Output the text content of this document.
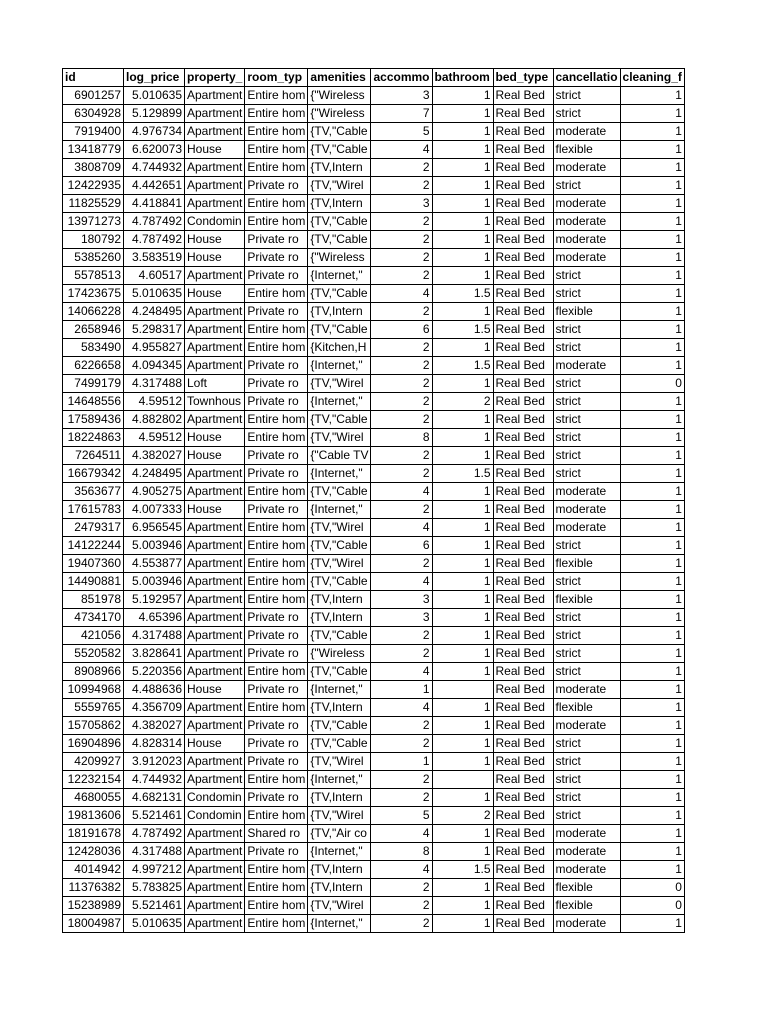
id	log_price	property_	room_typ	amenities	accommo	bathroom	bed_type	cancellatio	cleaning_f
6901257	5.010635	Apartment	Entire hom	{"Wireless	3	1	Real Bed	strict	1
6304928	5.129899	Apartment	Entire hom	{"Wireless	7	1	Real Bed	strict	1
7919400	4.976734	Apartment	Entire hom	{TV,"Cable	5	1	Real Bed	moderate	1
13418779	6.620073	House	Entire hom	{TV,"Cable	4	1	Real Bed	flexible	1
3808709	4.744932	Apartment	Entire hom	{TV,Intern	2	1	Real Bed	moderate	1
12422935	4.442651	Apartment	Private ro	{TV,"Wirel	2	1	Real Bed	strict	1
11825529	4.418841	Apartment	Entire hom	{TV,Intern	3	1	Real Bed	moderate	1
13971273	4.787492	Condomin	Entire hom	{TV,"Cable	2	1	Real Bed	moderate	1
180792	4.787492	House	Private ro	{TV,"Cable	2	1	Real Bed	moderate	1
5385260	3.583519	House	Private ro	{"Wireless	2	1	Real Bed	moderate	1
5578513	4.60517	Apartment	Private ro	{Internet,"	2	1	Real Bed	strict	1
17423675	5.010635	House	Entire hom	{TV,"Cable	4	1.5	Real Bed	strict	1
14066228	4.248495	Apartment	Private ro	{TV,Intern	2	1	Real Bed	flexible	1
2658946	5.298317	Apartment	Entire hom	{TV,"Cable	6	1.5	Real Bed	strict	1
583490	4.955827	Apartment	Entire hom	{Kitchen,H	2	1	Real Bed	strict	1
6226658	4.094345	Apartment	Private ro	{Internet,"	2	1.5	Real Bed	moderate	1
7499179	4.317488	Loft	Private ro	{TV,"Wirel	2	1	Real Bed	strict	0
14648556	4.59512	Townhous	Private ro	{Internet,"	2	2	Real Bed	strict	1
17589436	4.882802	Apartment	Entire hom	{TV,"Cable	2	1	Real Bed	strict	1
18224863	4.59512	House	Entire hom	{TV,"Wirel	8	1	Real Bed	strict	1
7264511	4.382027	House	Private ro	{"Cable TV	2	1	Real Bed	strict	1
16679342	4.248495	Apartment	Private ro	{Internet,"	2	1.5	Real Bed	strict	1
3563677	4.905275	Apartment	Entire hom	{TV,"Cable	4	1	Real Bed	moderate	1
17615783	4.007333	House	Private ro	{Internet,"	2	1	Real Bed	moderate	1
2479317	6.956545	Apartment	Entire hom	{TV,"Wirel	4	1	Real Bed	moderate	1
14122244	5.003946	Apartment	Entire hom	{TV,"Cable	6	1	Real Bed	strict	1
19407360	4.553877	Apartment	Entire hom	{TV,"Wirel	2	1	Real Bed	flexible	1
14490881	5.003946	Apartment	Entire hom	{TV,"Cable	4	1	Real Bed	strict	1
851978	5.192957	Apartment	Entire hom	{TV,Intern	3	1	Real Bed	flexible	1
4734170	4.65396	Apartment	Private ro	{TV,Intern	3	1	Real Bed	strict	1
421056	4.317488	Apartment	Private ro	{TV,"Cable	2	1	Real Bed	strict	1
5520582	3.828641	Apartment	Private ro	{"Wireless	2	1	Real Bed	strict	1
8908966	5.220356	Apartment	Entire hom	{TV,"Cable	4	1	Real Bed	strict	1
10994968	4.488636	House	Private ro	{Internet,"	1		Real Bed	moderate	1
5559765	4.356709	Apartment	Entire hom	{TV,Intern	4	1	Real Bed	flexible	1
15705862	4.382027	Apartment	Private ro	{TV,"Cable	2	1	Real Bed	moderate	1
16904896	4.828314	House	Private ro	{TV,"Cable	2	1	Real Bed	strict	1
4209927	3.912023	Apartment	Private ro	{TV,"Wirel	1	1	Real Bed	strict	1
12232154	4.744932	Apartment	Entire hom	{Internet,"	2		Real Bed	strict	1
4680055	4.682131	Condomin	Private ro	{TV,Intern	2	1	Real Bed	strict	1
19813606	5.521461	Condomin	Entire hom	{TV,"Wirel	5	2	Real Bed	strict	1
18191678	4.787492	Apartment	Shared ro	{TV,"Air co	4	1	Real Bed	moderate	1
12428036	4.317488	Apartment	Private ro	{Internet,"	8	1	Real Bed	moderate	1
4014942	4.997212	Apartment	Entire hom	{TV,Intern	4	1.5	Real Bed	moderate	1
11376382	5.783825	Apartment	Entire hom	{TV,Intern	2	1	Real Bed	flexible	0
15238989	5.521461	Apartment	Entire hom	{TV,"Wirel	2	1	Real Bed	flexible	0
18004987	5.010635	Apartment	Entire hom	{Internet,"	2	1	Real Bed	moderate	1
